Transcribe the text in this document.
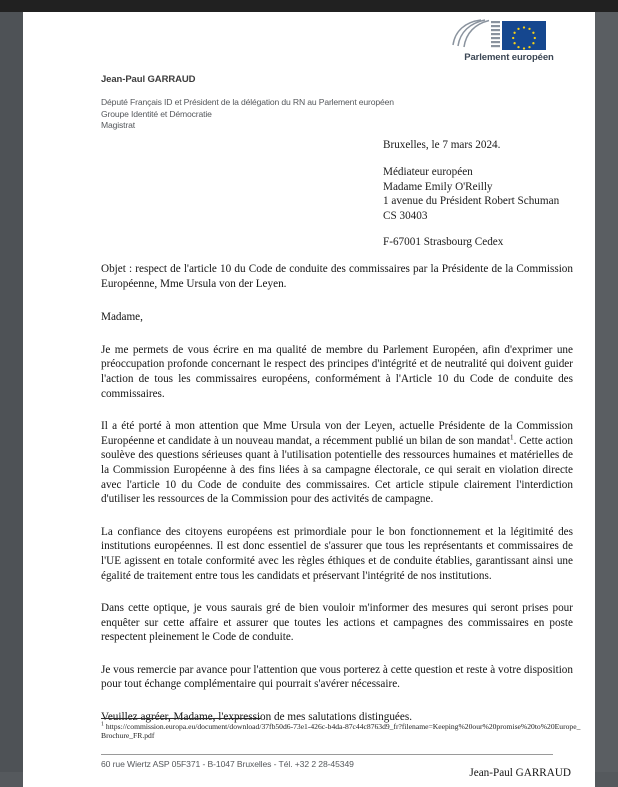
Parlement européen
Jean-Paul GARRAUD
Député Français ID et Président de la délégation du RN au Parlement européen
Groupe Identité et Démocratie
Magistrat
Bruxelles, le 7 mars 2024.
Médiateur européen
Madame Emily O'Reilly
1 avenue du Président Robert Schuman
CS 30403
F-67001 Strasbourg Cedex
Objet : respect de l'article 10 du Code de conduite des commissaires par la Présidente de la Commission Européenne, Mme Ursula von der Leyen.
Madame,

Je me permets de vous écrire en ma qualité de membre du Parlement Européen, afin d'exprimer une préoccupation profonde concernant le respect des principes d'intégrité et de neutralité qui doivent guider l'action de tous les commissaires européens, conformément à l'Article 10 du Code de conduite des commissaires.

Il a été porté à mon attention que Mme Ursula von der Leyen, actuelle Présidente de la Commission Européenne et candidate à un nouveau mandat, a récemment publié un bilan de son mandat$^1$. Cette action soulève des questions sérieuses quant à l'utilisation potentielle des ressources humaines et matérielles de la Commission Européenne à des fins liées à sa campagne électorale, ce qui serait en violation directe avec l'article 10 du Code de conduite des commissaires. Cet article stipule clairement l'interdiction d'utiliser les ressources de la Commission pour des activités de campagne.

La confiance des citoyens européens est primordiale pour le bon fonctionnement et la légitimité des institutions européennes. Il est donc essentiel de s'assurer que tous les représentants et commissaires de l'UE agissent en totale conformité avec les règles éthiques et de conduite établies, garantissant ainsi une égalité de traitement entre tous les candidats et préservant l'intégrité de nos institutions.

Dans cette optique, je vous saurais gré de bien vouloir m'informer des mesures qui seront prises pour enquêter sur cette affaire et assurer que toutes les actions et campagnes des commissaires en poste respectent pleinement le Code de conduite.

Je vous remercie par avance pour l'attention que vous porterez à cette question et reste à votre disposition pour tout échange complémentaire qui pourrait s'avérer nécessaire.

Veuillez agréer, Madame, l'expression de mes salutations distinguées.

Jean-Paul GARRAUD
$^1$ https://commission.europa.eu/document/download/37fb50d6-73e1-426c-b4da-87c44c8763d9_fr?filename=Keeping%20our%20promise%20to%20Europe_Brochure_FR.pdf
60 rue Wiertz ASP 05F371 - B-1047 Bruxelles - Tél. +32 2 28-45349
